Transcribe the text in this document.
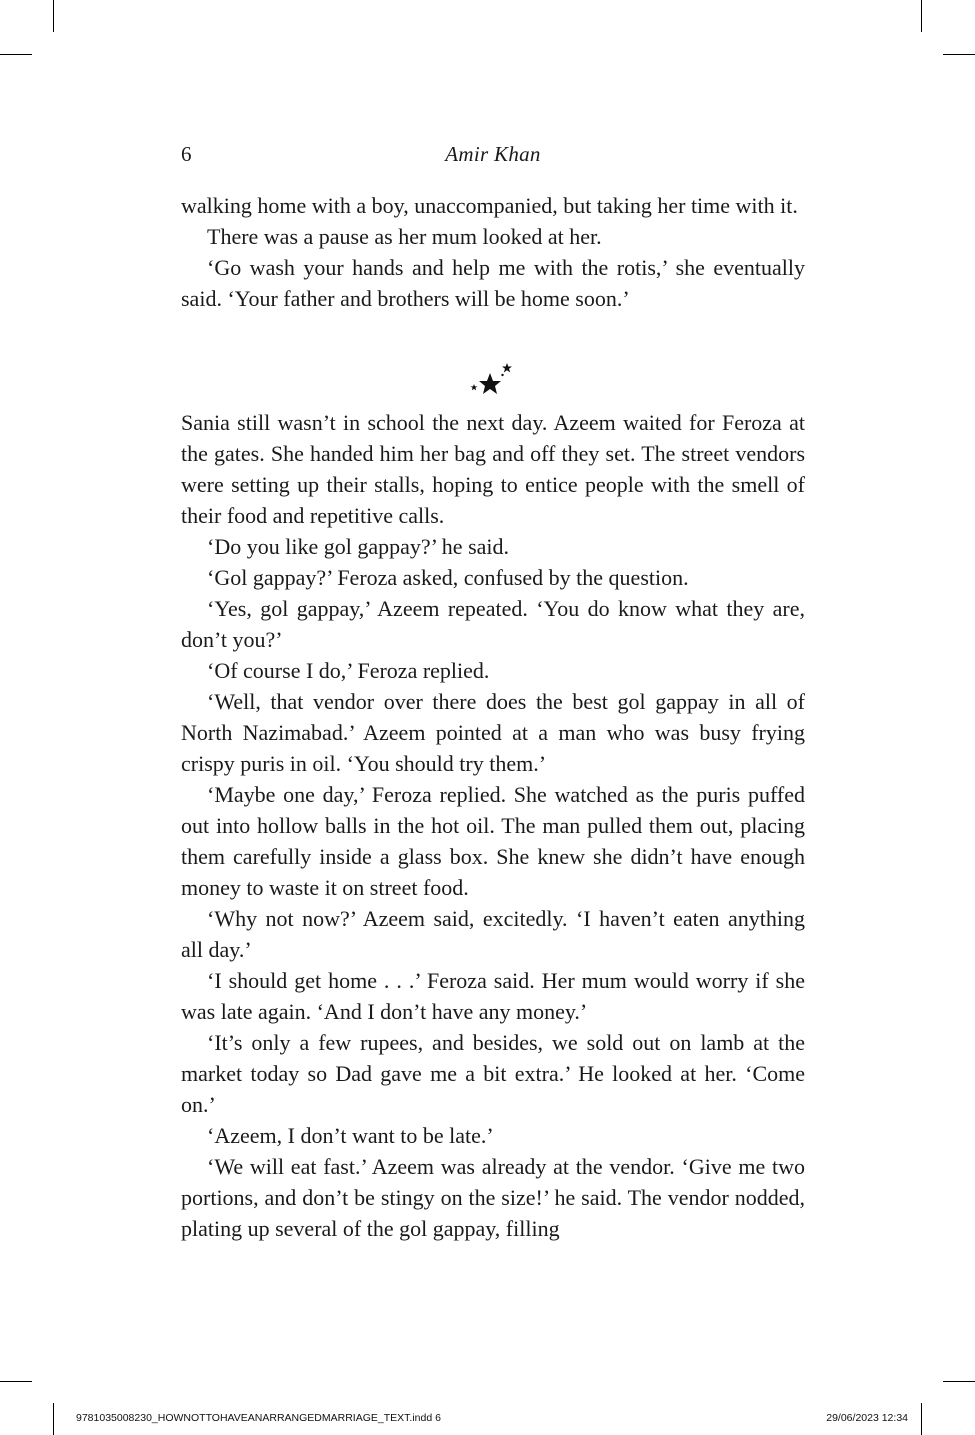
6	Amir Khan

walking home with a boy, unaccompanied, but taking her time with it.

There was a pause as her mum looked at her.

‘Go wash your hands and help me with the rotis,’ she eventually said. ‘Your father and brothers will be home soon.’

Sania still wasn’t in school the next day. Azeem waited for Feroza at the gates. She handed him her bag and off they set. The street vendors were setting up their stalls, hoping to entice people with the smell of their food and repetitive calls.

‘Do you like gol gappay?’ he said.

‘Gol gappay?’ Feroza asked, confused by the question.

‘Yes, gol gappay,’ Azeem repeated. ‘You do know what they are, don’t you?’

‘Of course I do,’ Feroza replied.

‘Well, that vendor over there does the best gol gappay in all of North Nazimabad.’ Azeem pointed at a man who was busy frying crispy puris in oil. ‘You should try them.’

‘Maybe one day,’ Feroza replied. She watched as the puris puffed out into hollow balls in the hot oil. The man pulled them out, placing them carefully inside a glass box. She knew she didn’t have enough money to waste it on street food.

‘Why not now?’ Azeem said, excitedly. ‘I haven’t eaten anything all day.’

‘I should get home . . .’ Feroza said. Her mum would worry if she was late again. ‘And I don’t have any money.’

‘It’s only a few rupees, and besides, we sold out on lamb at the market today so Dad gave me a bit extra.’ He looked at her. ‘Come on.’

‘Azeem, I don’t want to be late.’

‘We will eat fast.’ Azeem was already at the vendor. ‘Give me two portions, and don’t be stingy on the size!’ he said. The vendor nodded, plating up several of the gol gappay, filling

9781035008230_HOWNOTTOHAVEANARRANGEDMARRIAGE_TEXT.indd 6	29/06/2023 12:34
